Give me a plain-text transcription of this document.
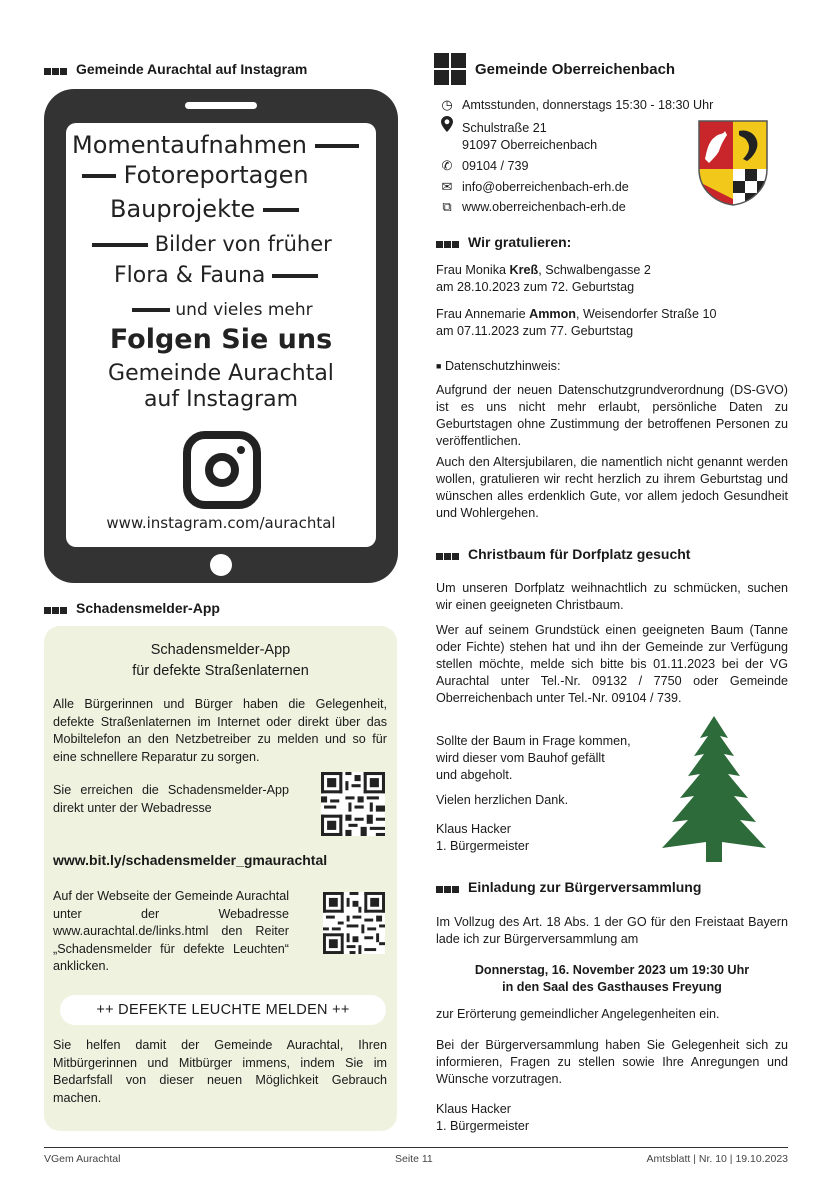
Gemeinde Aurachtal auf Instagram
Momentaufnahmen
Fotoreportagen
Bauprojekte
Bilder von früher
Flora & Fauna
und vieles mehr
Folgen Sie uns
Gemeinde Aurachtal
auf Instagram
www.instagram.com/aurachtal
Schadensmelder-App
Schadensmelder-App
für defekte Straßenlaternen
Alle Bürgerinnen und Bürger haben die Gelegenheit, defekte Straßenlaternen im Internet oder direkt über das Mobiltelefon an den Netzbetreiber zu melden und so für eine schnellere Reparatur zu sorgen.
Sie erreichen die Schadensmelder-App direkt unter der Webadresse
www.bit.ly/schadensmelder_gmaurachtal
Auf der Webseite der Gemeinde Aurachtal unter der Webadresse www.aurachtal.de/links.html den Reiter „Schadensmelder für defekte Leuchten“ anklicken.
++ DEFEKTE LEUCHTE MELDEN ++
Sie helfen damit der Gemeinde Aurachtal, Ihren Mitbürgerinnen und Mitbürger immens, indem Sie im Bedarfsfall von dieser neuen Möglichkeit Gebrauch machen.
Gemeinde Oberreichenbach
◷ Amtsstunden, donnerstags 15:30 - 18:30 Uhr
Schulstraße 21
91097 Oberreichenbach
✆ 09104 / 739
✉ info@oberreichenbach-erh.de
⧉ www.oberreichenbach-erh.de
Wir gratulieren:
Frau Monika Kreß, Schwalbengasse 2
am 28.10.2023 zum 72. Geburtstag
Frau Annemarie Ammon, Weisendorfer Straße 10
am 07.11.2023 zum 77. Geburtstag
■ Datenschutzhinweis:
Aufgrund der neuen Datenschutzgrundverordnung (DS-GVO) ist es uns nicht mehr erlaubt, persönliche Daten zu Geburtstagen ohne Zustimmung der betroffenen Personen zu veröffentlichen.
Auch den Altersjubilaren, die namentlich nicht genannt werden wollen, gratulieren wir recht herzlich zu ihrem Geburtstag und wünschen alles erdenklich Gute, vor allem jedoch Gesundheit und Wohlergehen.
Christbaum für Dorfplatz gesucht
Um unseren Dorfplatz weihnachtlich zu schmücken, suchen wir einen geeigneten Christbaum.
Wer auf seinem Grundstück einen geeigneten Baum (Tanne oder Fichte) stehen hat und ihn der Gemeinde zur Verfügung stellen möchte, melde sich bitte bis 01.11.2023 bei der VG Aurachtal unter Tel.-Nr. 09132 / 7750 oder Gemeinde Oberreichenbach unter Tel.-Nr. 09104 / 739.
Sollte der Baum in Frage kommen,
wird dieser vom Bauhof gefällt
und abgeholt.
Vielen herzlichen Dank.
Klaus Hacker
1. Bürgermeister
Einladung zur Bürgerversammlung
Im Vollzug des Art. 18 Abs. 1 der GO für den Freistaat Bayern lade ich zur Bürgerversammlung am
Donnerstag, 16. November 2023 um 19:30 Uhr
in den Saal des Gasthauses Freyung
zur Erörterung gemeindlicher Angelegenheiten ein.
Bei der Bürgerversammlung haben Sie Gelegenheit sich zu informieren, Fragen zu stellen sowie Ihre Anregungen und Wünsche vorzutragen.
Klaus Hacker
1. Bürgermeister
VGem Aurachtal	Seite 11	Amtsblatt | Nr. 10 | 19.10.2023
